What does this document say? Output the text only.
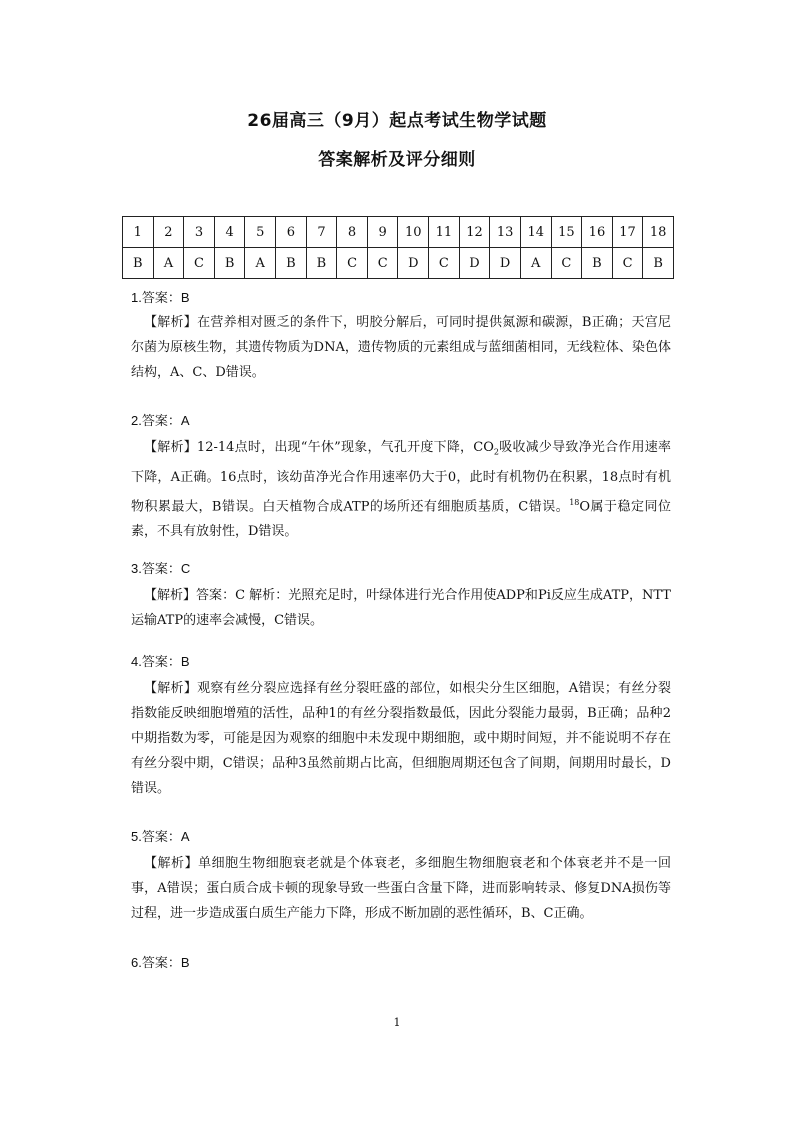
26届高三（9月）起点考试生物学试题
答案解析及评分细则
1	2	3	4	5	6	7	8	9	10	11	12	13	14	15	16	17	18
B	A	C	B	A	B	B	C	C	D	C	D	D	A	C	B	C	B
1.答案：B

【解析】在营养相对匮乏的条件下，明胶分解后，可同时提供氮源和碳源，B正确；天宫尼尔菌为原核生物，其遗传物质为DNA，遗传物质的元素组成与蓝细菌相同，无线粒体、染色体结构，A、C、D错误。

2.答案：A

【解析】12-14点时，出现“午休”现象，气孔开度下降，$CO_2$吸收减少导致净光合作用速率下降，A正确。16点时，该幼苗净光合作用速率仍大于0，此时有机物仍在积累，18点时有机物积累最大，B错误。白天植物合成ATP的场所还有细胞质基质，C错误。$^{18}$O属于稳定同位素，不具有放射性，D错误。

3.答案：C

【解析】答案：C 解析：光照充足时，叶绿体进行光合作用使ADP和Pi反应生成ATP，NTT运输ATP的速率会减慢，C错误。

4.答案：B

【解析】观察有丝分裂应选择有丝分裂旺盛的部位，如根尖分生区细胞，A错误；有丝分裂指数能反映细胞增殖的活性，品种1的有丝分裂指数最低，因此分裂能力最弱，B正确；品种2中期指数为零，可能是因为观察的细胞中未发现中期细胞，或中期时间短，并不能说明不存在有丝分裂中期，C错误；品种3虽然前期占比高，但细胞周期还包含了间期，间期用时最长，D错误。

5.答案：A

【解析】单细胞生物细胞衰老就是个体衰老，多细胞生物细胞衰老和个体衰老并不是一回事，A错误；蛋白质合成卡顿的现象导致一些蛋白含量下降，进而影响转录、修复DNA损伤等过程，进一步造成蛋白质生产能力下降，形成不断加剧的恶性循环，B、C正确。

6.答案：B
1
